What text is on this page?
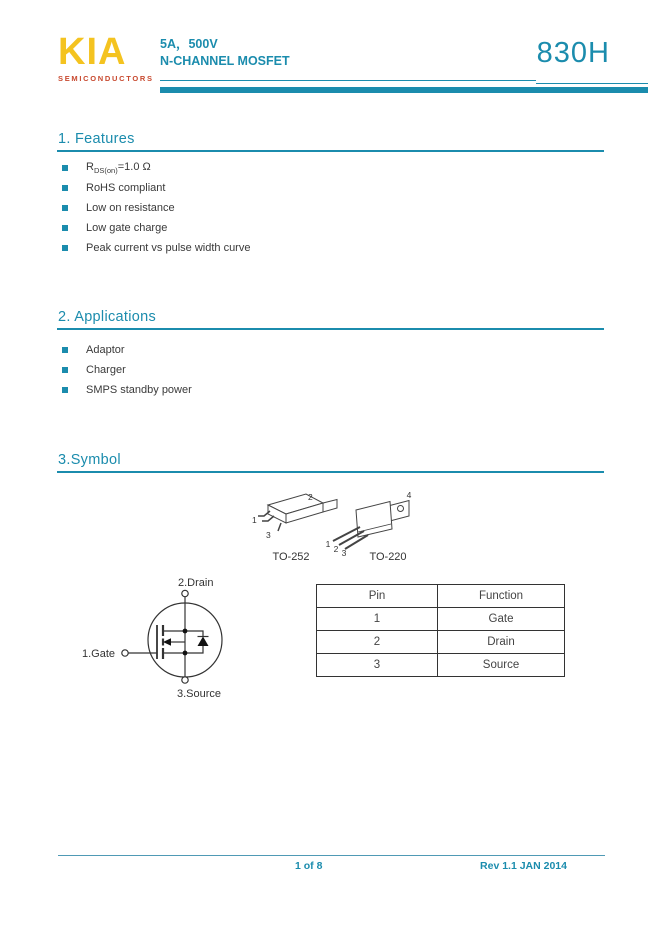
KIA
SEMICONDUCTORS
5A，500V
N-CHANNEL MOSFET	830H
1. Features
$R_{DS(on)}=1.0$ Ω
RoHS compliant
Low on resistance
Low gate charge
Peak current vs pulse width curve
2. Applications
Adaptor
Charger
SMPS standby power
3.Symbol
2
1
3
TO-252
4
1 2 3 TO-220
2.Drain
1.Gate
3.Source
Pin	Function
1	Gate
2	Drain
3	Source
1 of 8	Rev 1.1 JAN 2014
